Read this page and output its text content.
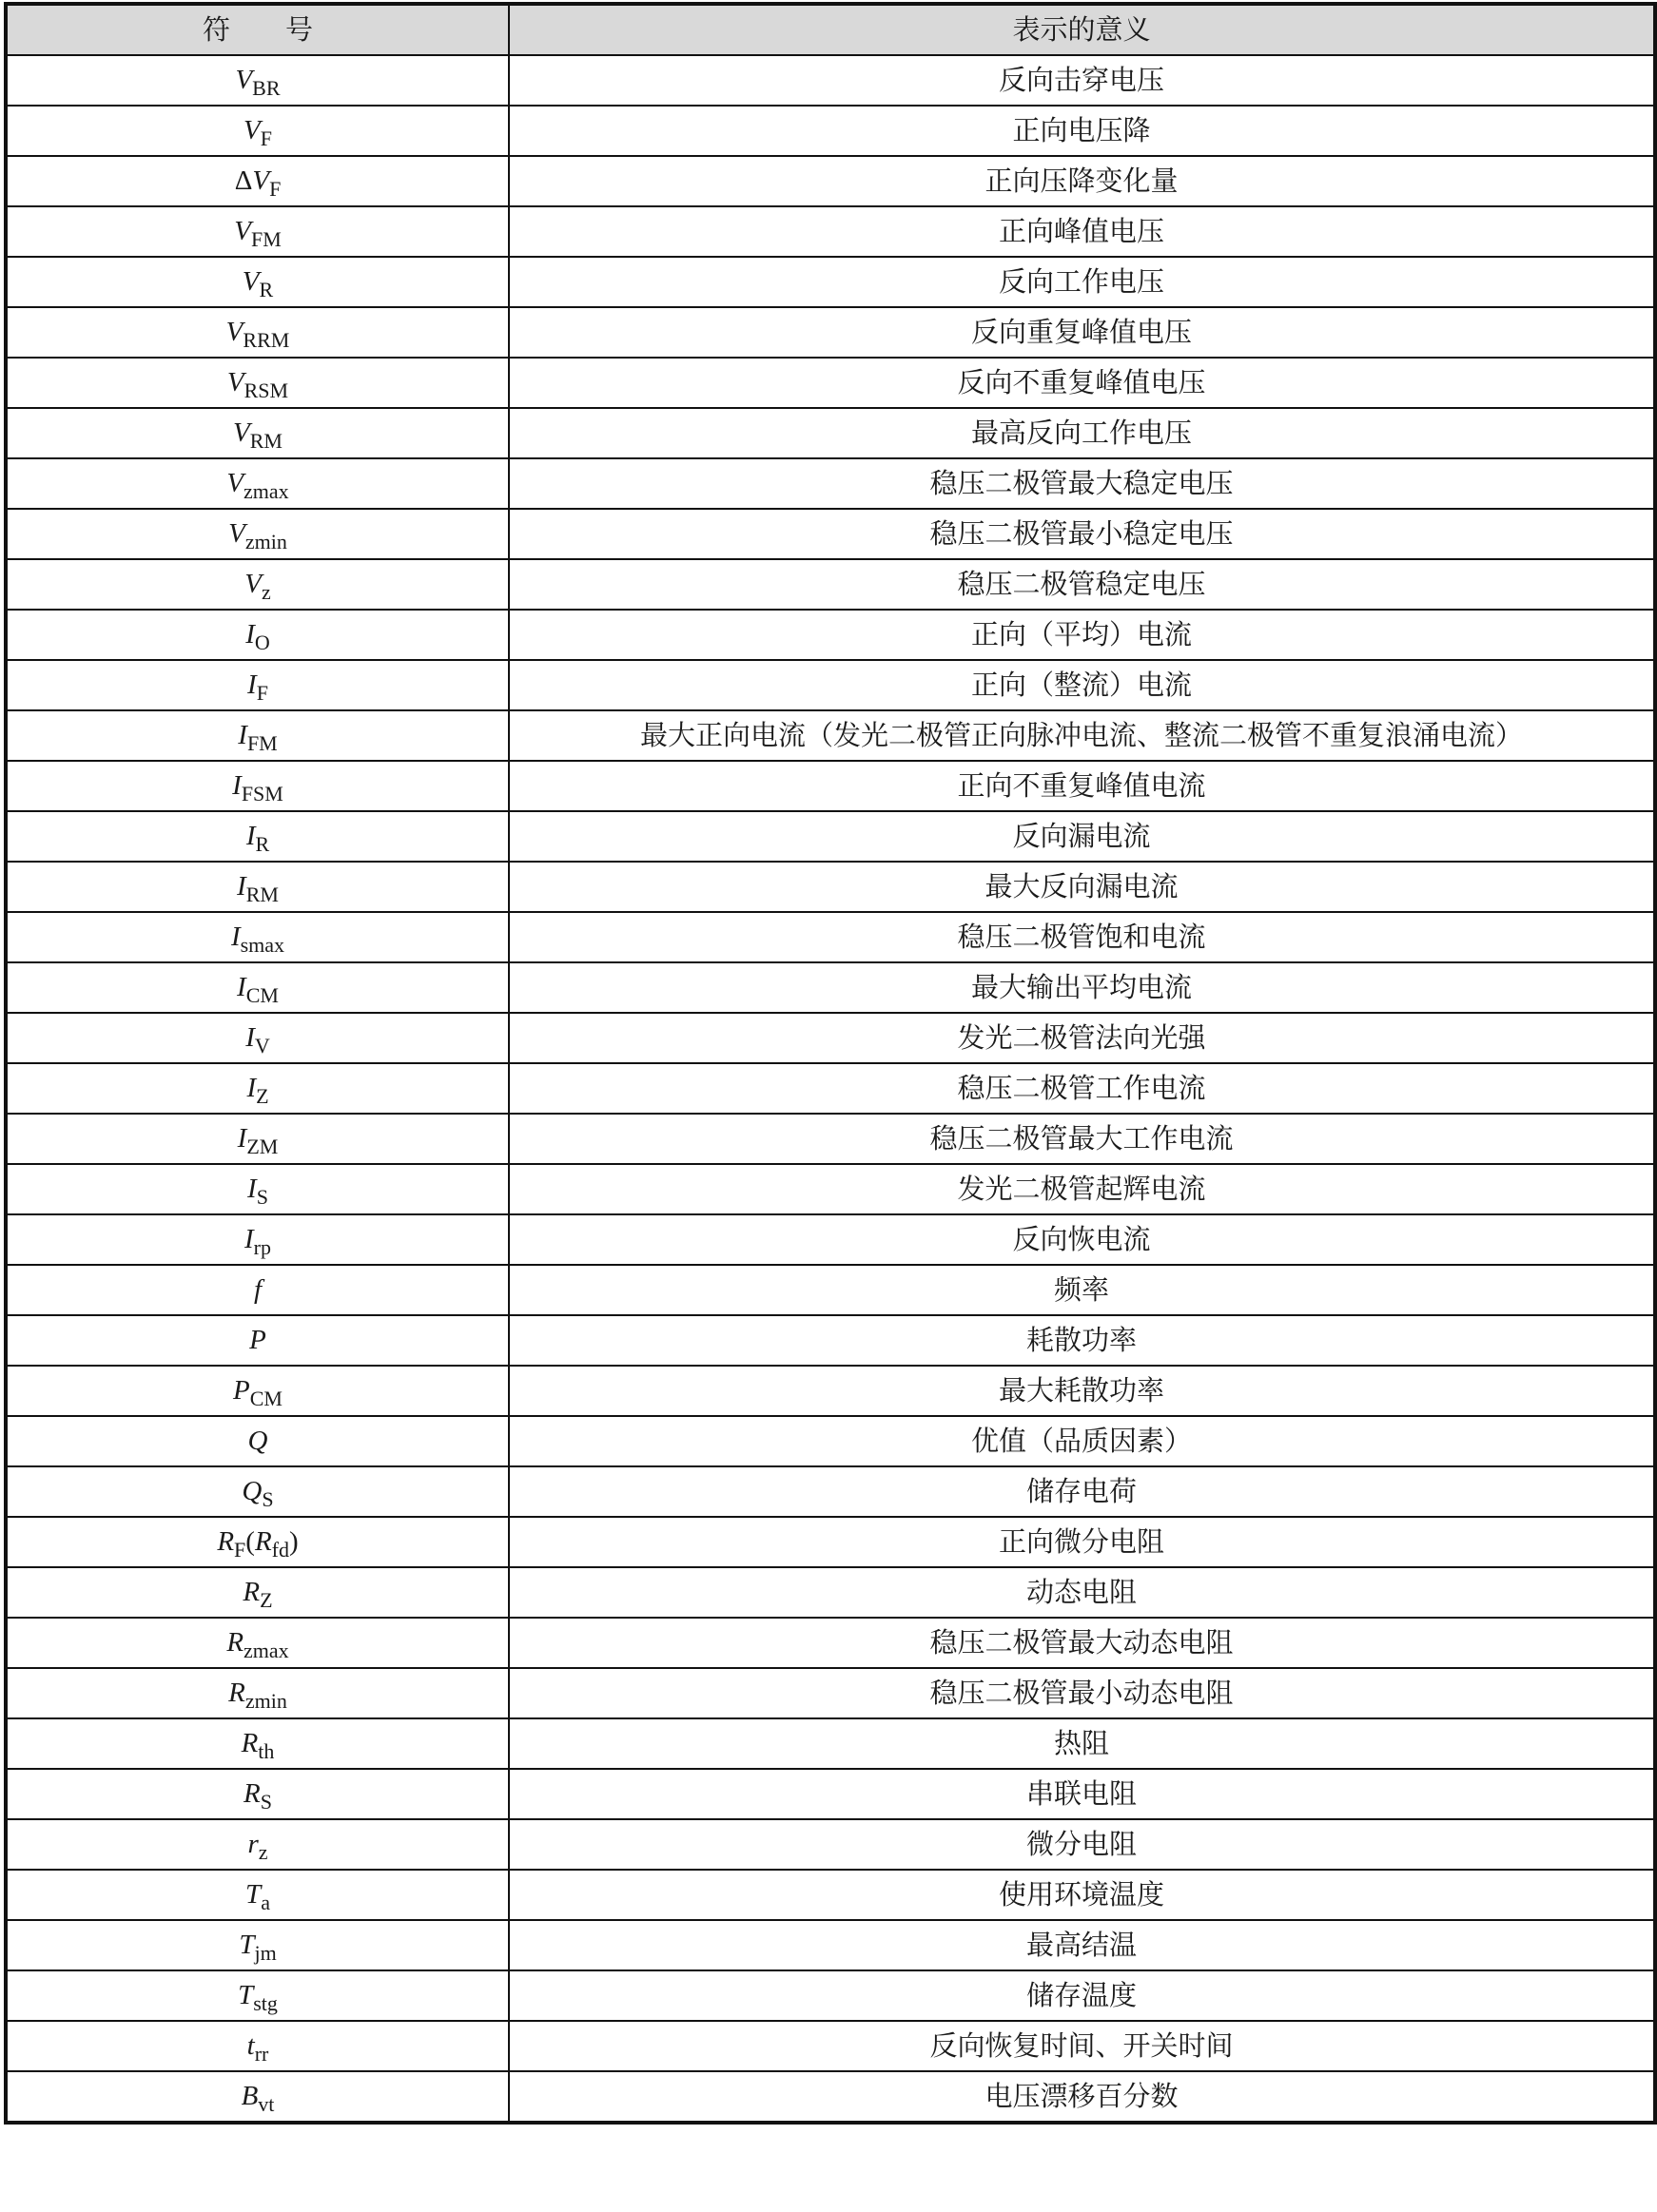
符　　号	表示的意义
$V_{BR}$	反向击穿电压
$V_F$	正向电压降
$\Delta V_F$	正向压降变化量
$V_{FM}$	正向峰值电压
$V_R$	反向工作电压
$V_{RRM}$	反向重复峰值电压
$V_{RSM}$	反向不重复峰值电压
$V_{RM}$	最高反向工作电压
$V_{zmax}$	稳压二极管最大稳定电压
$V_{zmin}$	稳压二极管最小稳定电压
$V_z$	稳压二极管稳定电压
$I_O$	正向（平均）电流
$I_F$	正向（整流）电流
$I_{FM}$	最大正向电流（发光二极管正向脉冲电流、整流二极管不重复浪涌电流）
$I_{FSM}$	正向不重复峰值电流
$I_R$	反向漏电流
$I_{RM}$	最大反向漏电流
$I_{smax}$	稳压二极管饱和电流
$I_{CM}$	最大输出平均电流
$I_V$	发光二极管法向光强
$I_Z$	稳压二极管工作电流
$I_{ZM}$	稳压二极管最大工作电流
$I_S$	发光二极管起辉电流
$I_{rp}$	反向恢电流
f	频率
P	耗散功率
$P_{CM}$	最大耗散功率
Q	优值（品质因素）
$Q_S$	储存电荷
$R_F(R_{fd})$	正向微分电阻
$R_Z$	动态电阻
$R_{zmax}$	稳压二极管最大动态电阻
$R_{zmin}$	稳压二极管最小动态电阻
$R_{th}$	热阻
$R_S$	串联电阻
$r_z$	微分电阻
$T_a$	使用环境温度
$T_{jm}$	最高结温
$T_{stg}$	储存温度
$t_{rr}$	反向恢复时间、开关时间
$B_{vt}$	电压漂移百分数
